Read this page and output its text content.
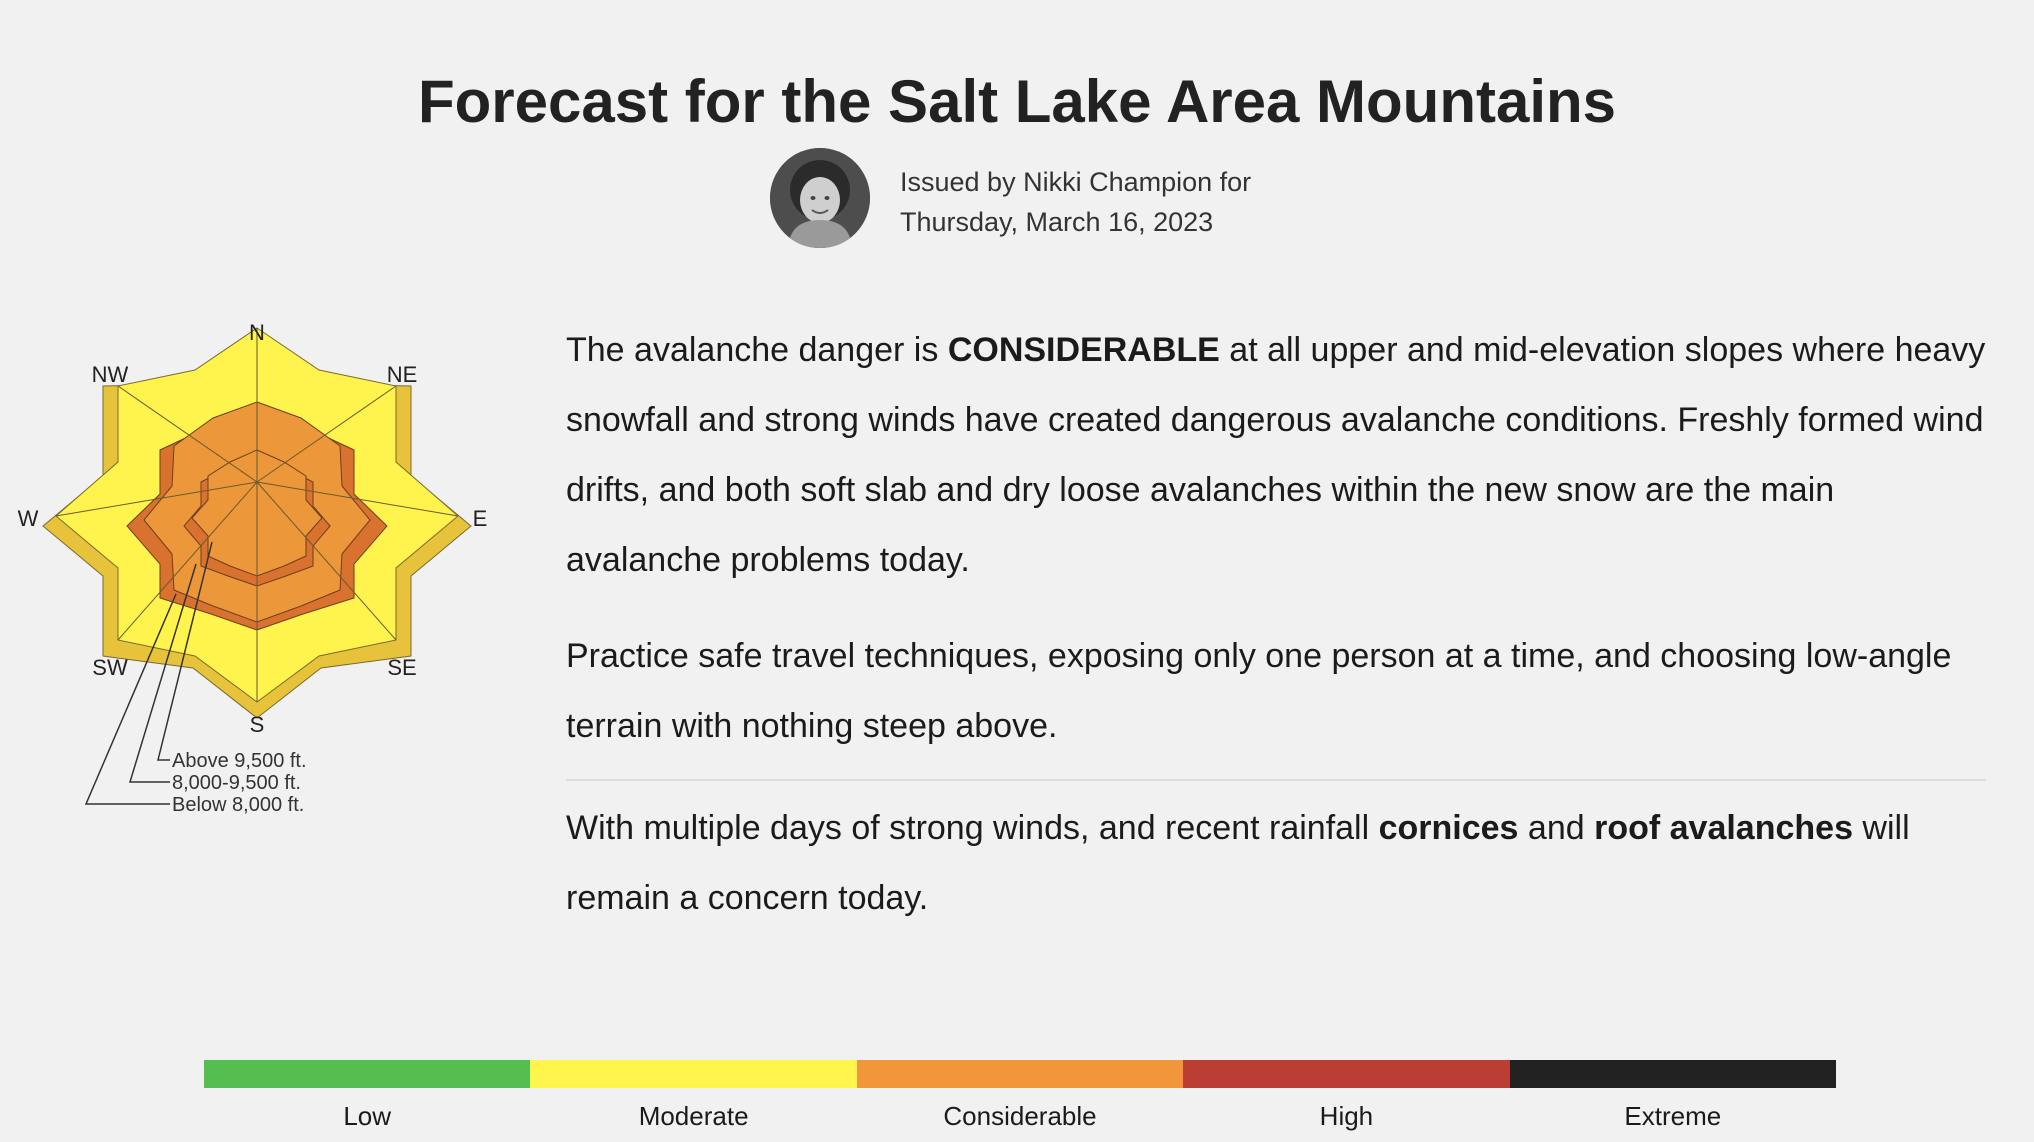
Forecast for the Salt Lake Area Mountains
Issued by Nikki Champion for
Thursday, March 16, 2023
N
NE
E
SE
S
SW
W
NW
Above 9,500 ft.
8,000-9,500 ft.
Below 8,000 ft.

The avalanche danger is CONSIDERABLE at all upper and mid-elevation slopes where heavy snowfall and strong winds have created dangerous avalanche conditions. Freshly formed wind drifts, and both soft slab and dry loose avalanches within the new snow are the main avalanche problems today.

Practice safe travel techniques, exposing only one person at a time, and choosing low-angle terrain with nothing steep above.

With multiple days of strong winds, and recent rainfall cornices and roof avalanches will remain a concern today.

Low	Moderate	Considerable	High	Extreme
